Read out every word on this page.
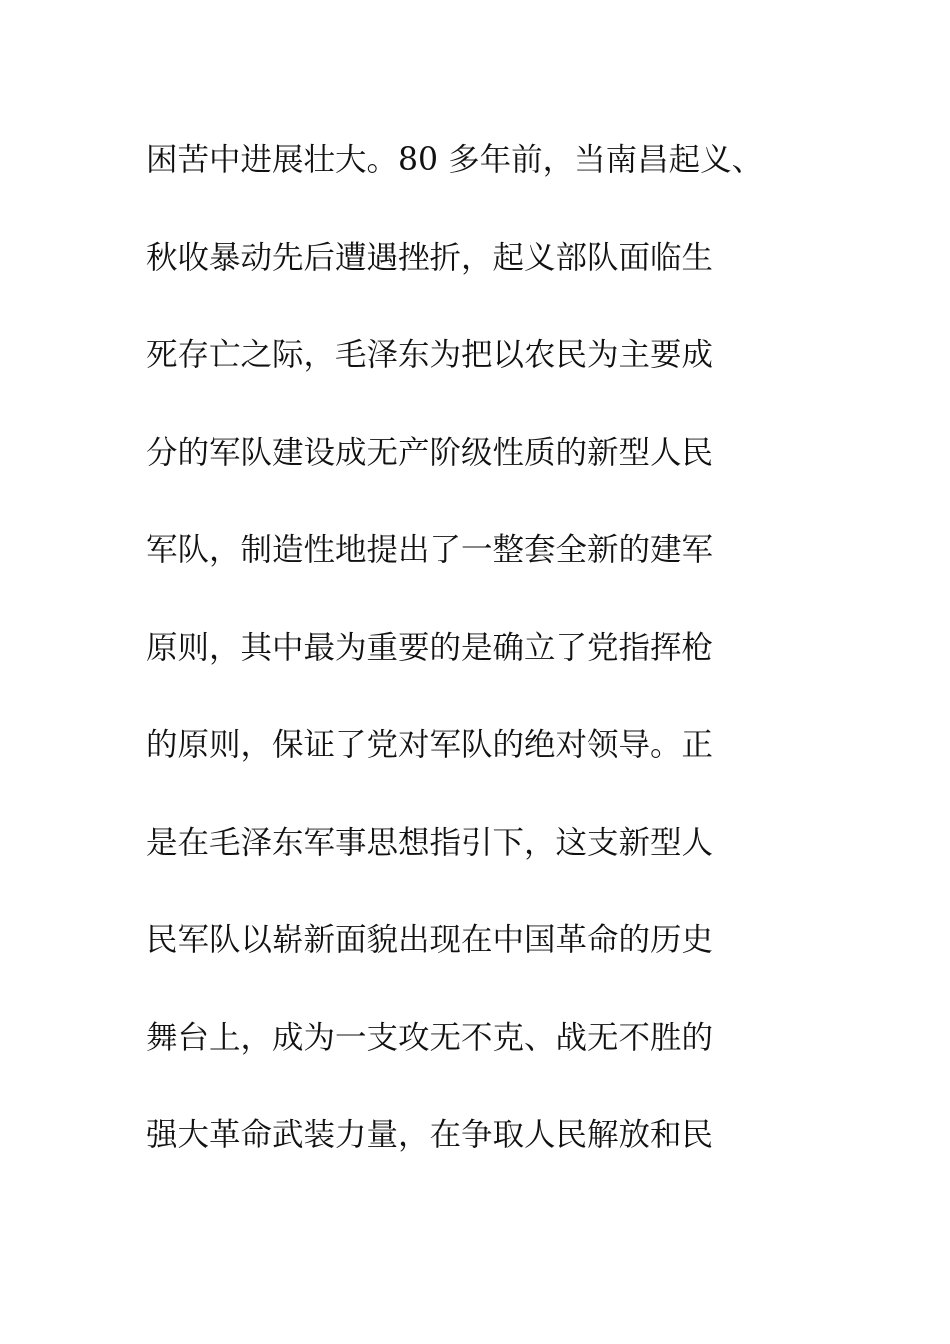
困苦中进展壮大。80 多年前，当南昌起义、
秋收暴动先后遭遇挫折，起义部队面临生
死存亡之际，毛泽东为把以农民为主要成
分的军队建设成无产阶级性质的新型人民
军队，制造性地提出了一整套全新的建军
原则，其中最为重要的是确立了党指挥枪
的原则，保证了党对军队的绝对领导。正
是在毛泽东军事思想指引下，这支新型人
民军队以崭新面貌出现在中国革命的历史
舞台上，成为一支攻无不克、战无不胜的
强大革命武装力量，在争取人民解放和民
